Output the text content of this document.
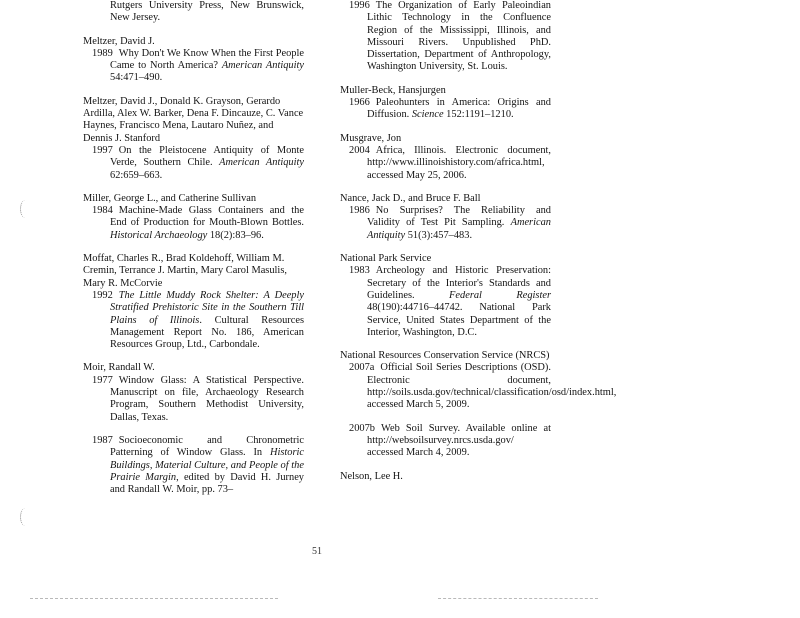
Rutgers University Press, New Brunswick, New Jersey.
Meltzer, David J.
1989 Why Don't We Know When the First People Came to North America? American Antiquity 54:471–490.
Meltzer, David J., Donald K. Grayson, Gerardo Ardilla, Alex W. Barker, Dena F. Dincauze, C. Vance Haynes, Francisco Mena, Lautaro Nuñez, and Dennis J. Stanford
1997 On the Pleistocene Antiquity of Monte Verde, Southern Chile. American Antiquity 62:659–663.
Miller, George L., and Catherine Sullivan
1984 Machine-Made Glass Containers and the End of Production for Mouth-Blown Bottles. Historical Archaeology 18(2):83–96.
Moffat, Charles R., Brad Koldehoff, William M. Cremin, Terrance J. Martin, Mary Carol Masulis, Mary R. McCorvie
1992 The Little Muddy Rock Shelter: A Deeply Stratified Prehistoric Site in the Southern Till Plains of Illinois. Cultural Resources Management Report No. 186, American Resources Group, Ltd., Carbondale.
Moir, Randall W.
1977 Window Glass: A Statistical Perspective. Manuscript on file, Archaeology Research Program, Southern Methodist University, Dallas, Texas.
1987 Socioeconomic and Chronometric Patterning of Window Glass. In Historic Buildings, Material Culture, and People of the Prairie Margin, edited by David H. Jurney and Randall W. Moir, pp. 73–
1996 The Organization of Early Paleoindian Lithic Technology in the Confluence Region of the Mississippi, Illinois, and Missouri Rivers. Unpublished PhD. Dissertation, Department of Anthropology, Washington University, St. Louis.
Muller-Beck, Hansjurgen
1966 Paleohunters in America: Origins and Diffusion. Science 152:1191–1210.
Musgrave, Jon
2004 Africa, Illinois. Electronic document, http://www.illinoishistory.com/africa.html, accessed May 25, 2006.
Nance, Jack D., and Bruce F. Ball
1986 No Surprises? The Reliability and Validity of Test Pit Sampling. American Antiquity 51(3):457–483.
National Park Service
1983 Archeology and Historic Preservation: Secretary of the Interior's Standards and Guidelines. Federal Register 48(190):44716–44742. National Park Service, United States Department of the Interior, Washington, D.C.
National Resources Conservation Service (NRCS)
2007a Official Soil Series Descriptions (OSD). Electronic document, http://soils.usda.gov/technical/classification/osd/index.html, accessed March 5, 2009.
2007b Web Soil Survey. Available online at http://websoilsurvey.nrcs.usda.gov/ accessed March 4, 2009.
Nelson, Lee H.
51
